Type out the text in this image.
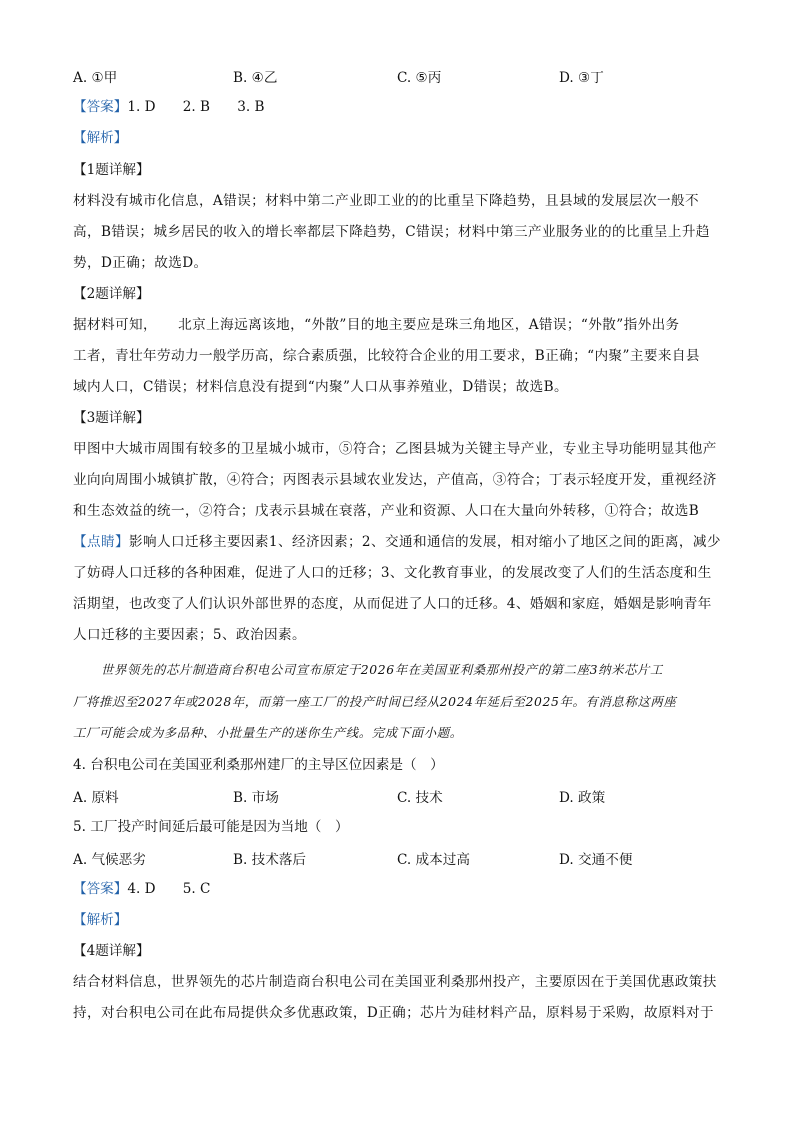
A. ①甲	B. ④乙	C. ⑤丙	D. ③丁
【答案】1. D　　2. B　　3. B
【解析】
【1题详解】
材料没有城市化信息，A错误；材料中第二产业即工业的的比重呈下降趋势，且县域的发展层次一般不
高，B错误；城乡居民的收入的增长率都层下降趋势，C错误；材料中第三产业服务业的的比重呈上升趋
势，D正确；故选D。
【2题详解】
据材料可知，　　北京上海远离该地，“外散”目的地主要应是珠三角地区，A错误；“外散”指外出务
工者，青壮年劳动力一般学历高，综合素质强，比较符合企业的用工要求，B正确；“内聚”主要来自县
域内人口，C错误；材料信息没有提到“内聚”人口从事养殖业，D错误；故选B。
【3题详解】
甲图中大城市周围有较多的卫星城小城市，⑤符合；乙图县城为关键主导产业，专业主导功能明显其他产
业向向周围小城镇扩散，④符合；丙图表示县域农业发达，产值高，③符合；丁表示轻度开发，重视经济
和生态效益的统一，②符合；戊表示县城在衰落，产业和资源、人口在大量向外转移，①符合；故选B
【点睛】影响人口迁移主要因素1、经济因素；2、交通和通信的发展，相对缩小了地区之间的距离，减少
了妨碍人口迁移的各种困难，促进了人口的迁移；3、文化教育事业，的发展改变了人们的生活态度和生
活期望，也改变了人们认识外部世界的态度，从而促进了人口的迁移。4、婚姻和家庭，婚姻是影响青年
人口迁移的主要因素；5、政治因素。
世界领先的芯片制造商台积电公司宣布原定于2026年在美国亚利桑那州投产的第二座3纳米芯片工
厂将推迟至2027年或2028年，而第一座工厂的投产时间已经从2024年延后至2025年。有消息称这两座
工厂可能会成为多品种、小批量生产的迷你生产线。完成下面小题。
4. 台积电公司在美国亚利桑那州建厂的主导区位因素是（　）
A. 原料	B. 市场	C. 技术	D. 政策
5. 工厂投产时间延后最可能是因为当地（　）
A. 气候恶劣	B. 技术落后	C. 成本过高	D. 交通不便
【答案】4. D　　5. C
【解析】
【4题详解】
结合材料信息，世界领先的芯片制造商台积电公司在美国亚利桑那州投产，主要原因在于美国优惠政策扶
持，对台积电公司在此布局提供众多优惠政策，D正确；芯片为硅材料产品，原料易于采购，故原料对于
